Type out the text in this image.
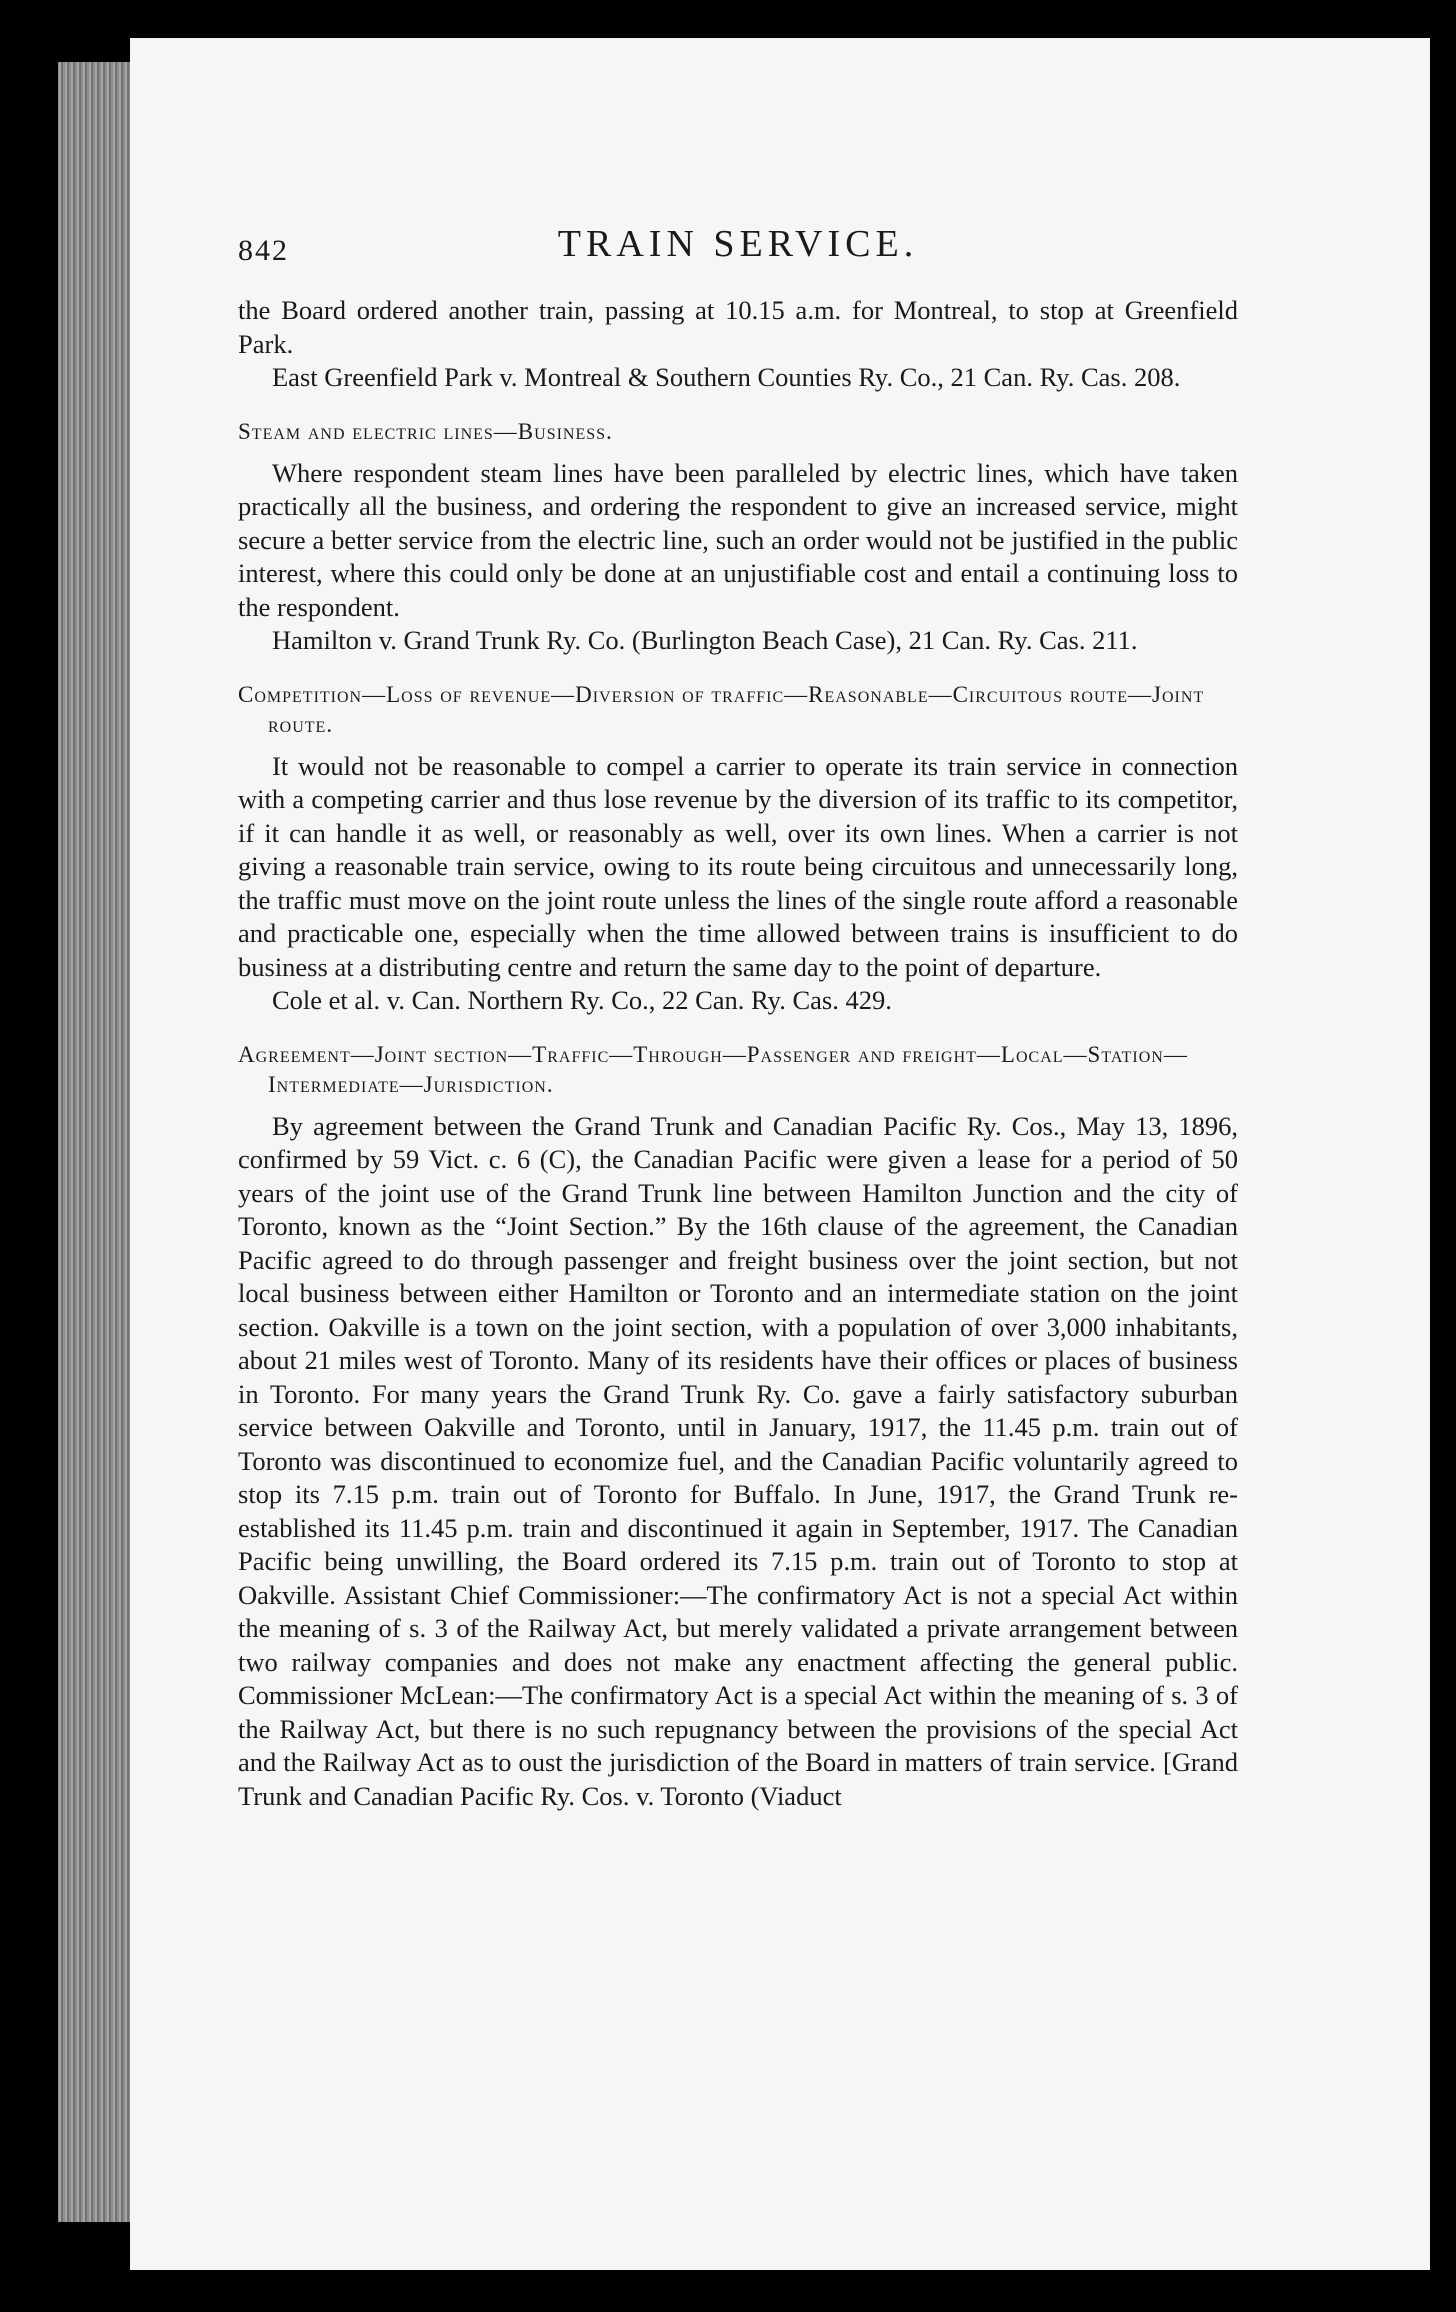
842	TRAIN SERVICE.

the Board ordered another train, passing at 10.15 a.m. for Montreal, to stop at Greenfield Park.

East Greenfield Park v. Montreal & Southern Counties Ry. Co., 21 Can. Ry. Cas. 208.

Steam and electric lines—Business.

Where respondent steam lines have been paralleled by electric lines, which have taken practically all the business, and ordering the respondent to give an increased service, might secure a better service from the electric line, such an order would not be justified in the public interest, where this could only be done at an unjustifiable cost and entail a continuing loss to the respondent.

Hamilton v. Grand Trunk Ry. Co. (Burlington Beach Case), 21 Can. Ry. Cas. 211.

Competition—Loss of revenue—Diversion of traffic—Reasonable—Circuitous route—Joint route.

It would not be reasonable to compel a carrier to operate its train service in connection with a competing carrier and thus lose revenue by the diversion of its traffic to its competitor, if it can handle it as well, or reasonably as well, over its own lines. When a carrier is not giving a reasonable train service, owing to its route being circuitous and unnecessarily long, the traffic must move on the joint route unless the lines of the single route afford a reasonable and practicable one, especially when the time allowed between trains is insufficient to do business at a distributing centre and return the same day to the point of departure.

Cole et al. v. Can. Northern Ry. Co., 22 Can. Ry. Cas. 429.

Agreement—Joint section—Traffic—Through—Passenger and freight—Local—Station—Intermediate—Jurisdiction.

By agreement between the Grand Trunk and Canadian Pacific Ry. Cos., May 13, 1896, confirmed by 59 Vict. c. 6 (C), the Canadian Pacific were given a lease for a period of 50 years of the joint use of the Grand Trunk line between Hamilton Junction and the city of Toronto, known as the “Joint Section.” By the 16th clause of the agreement, the Canadian Pacific agreed to do through passenger and freight business over the joint section, but not local business between either Hamilton or Toronto and an intermediate station on the joint section. Oakville is a town on the joint section, with a population of over 3,000 inhabitants, about 21 miles west of Toronto. Many of its residents have their offices or places of business in Toronto. For many years the Grand Trunk Ry. Co. gave a fairly satisfactory suburban service between Oakville and Toronto, until in January, 1917, the 11.45 p.m. train out of Toronto was discontinued to economize fuel, and the Canadian Pacific voluntarily agreed to stop its 7.15 p.m. train out of Toronto for Buffalo. In June, 1917, the Grand Trunk re-established its 11.45 p.m. train and discontinued it again in September, 1917. The Canadian Pacific being unwilling, the Board ordered its 7.15 p.m. train out of Toronto to stop at Oakville. Assistant Chief Commissioner:—The confirmatory Act is not a special Act within the meaning of s. 3 of the Railway Act, but merely validated a private arrangement between two railway companies and does not make any enactment affecting the general public. Commissioner McLean:—The confirmatory Act is a special Act within the meaning of s. 3 of the Railway Act, but there is no such repugnancy between the provisions of the special Act and the Railway Act as to oust the jurisdiction of the Board in matters of train service. [Grand Trunk and Canadian Pacific Ry. Cos. v. Toronto (Viaduct
